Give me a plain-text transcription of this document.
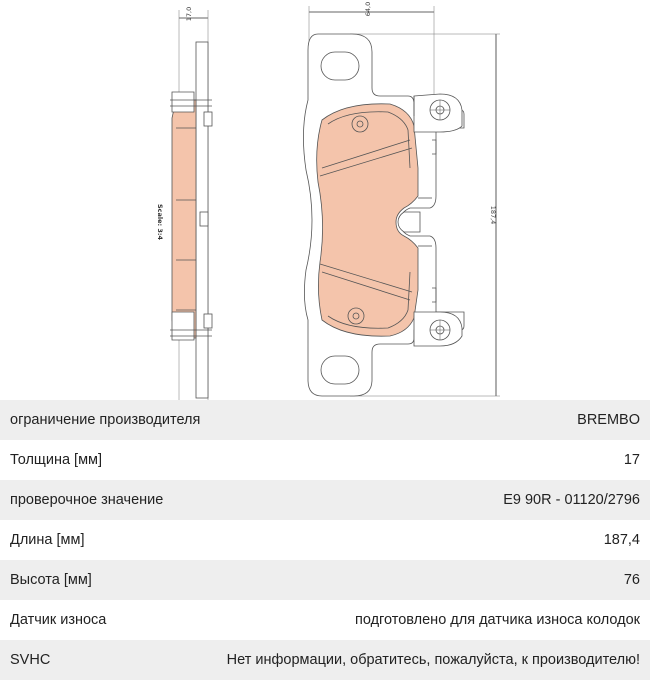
17,0
Scale: 3:4
64,0
187,4
ограничение производителя	BREMBO
Толщина [мм]	17
проверочное значение	E9 90R - 01120/2796
Длина [мм]	187,4
Высота [мм]	76
Датчик износа	подготовлено для датчика износа колодок
SVHC	Нет информации, обратитесь, пожалуйста, к производителю!
